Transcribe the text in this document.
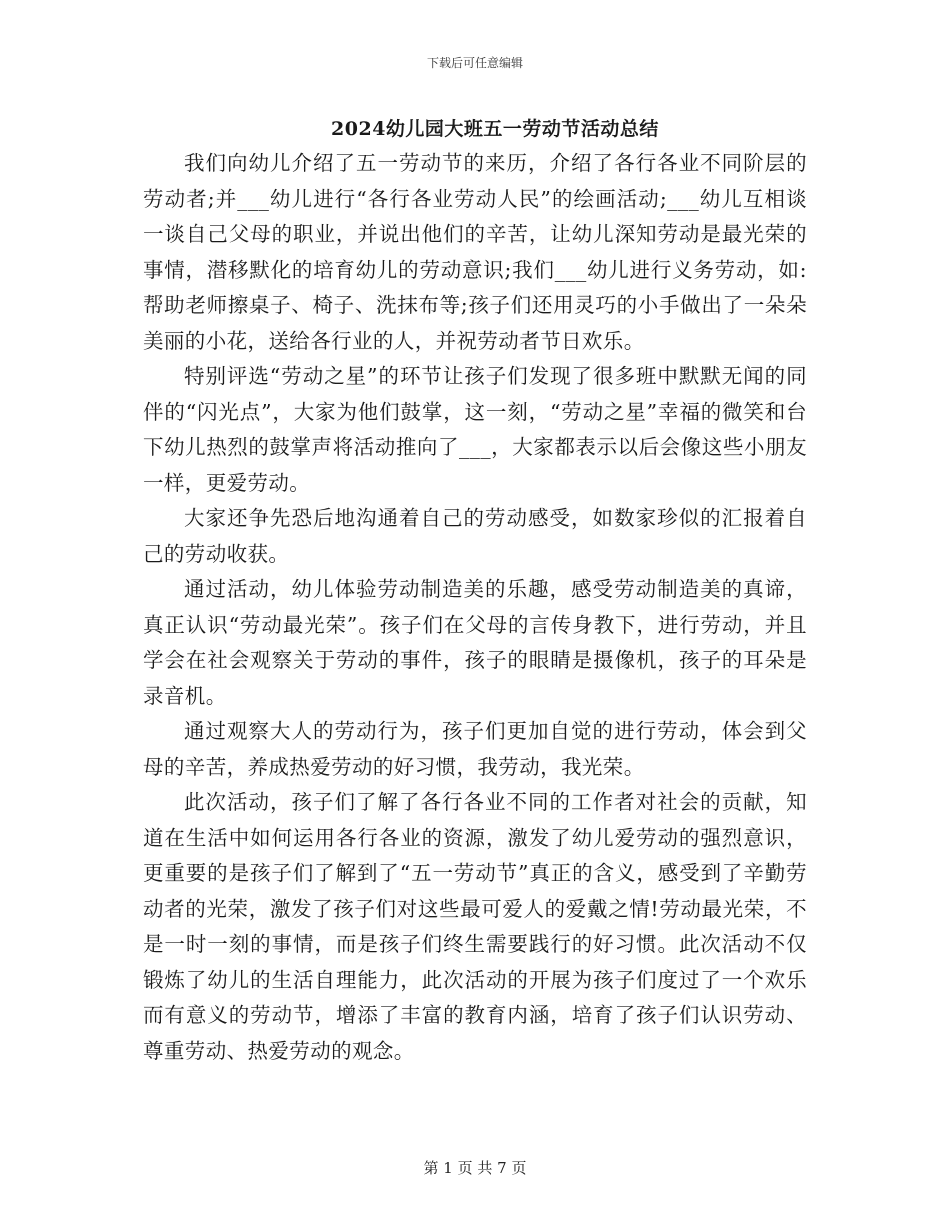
下载后可任意编辑
2024幼儿园大班五一劳动节活动总结

我们向幼儿介绍了五一劳动节的来历，介绍了各行各业不同阶层的劳动者;并___幼儿进行“各行各业劳动人民”的绘画活动;___幼儿互相谈一谈自己父母的职业，并说出他们的辛苦，让幼儿深知劳动是最光荣的事情，潜移默化的培育幼儿的劳动意识;我们___幼儿进行义务劳动，如:帮助老师擦桌子、椅子、洗抹布等;孩子们还用灵巧的小手做出了一朵朵美丽的小花，送给各行业的人，并祝劳动者节日欢乐。

特别评选“劳动之星”的环节让孩子们发现了很多班中默默无闻的同伴的“闪光点”，大家为他们鼓掌，这一刻，“劳动之星”幸福的微笑和台下幼儿热烈的鼓掌声将活动推向了___，大家都表示以后会像这些小朋友一样，更爱劳动。

大家还争先恐后地沟通着自己的劳动感受，如数家珍似的汇报着自己的劳动收获。

通过活动，幼儿体验劳动制造美的乐趣，感受劳动制造美的真谛，真正认识“劳动最光荣”。孩子们在父母的言传身教下，进行劳动，并且学会在社会观察关于劳动的事件，孩子的眼睛是摄像机，孩子的耳朵是录音机。

通过观察大人的劳动行为，孩子们更加自觉的进行劳动，体会到父母的辛苦，养成热爱劳动的好习惯，我劳动，我光荣。

此次活动，孩子们了解了各行各业不同的工作者对社会的贡献，知道在生活中如何运用各行各业的资源，激发了幼儿爱劳动的强烈意识，更重要的是孩子们了解到了“五一劳动节”真正的含义，感受到了辛勤劳动者的光荣，激发了孩子们对这些最可爱人的爱戴之情!劳动最光荣，不是一时一刻的事情，而是孩子们终生需要践行的好习惯。此次活动不仅锻炼了幼儿的生活自理能力，此次活动的开展为孩子们度过了一个欢乐而有意义的劳动节，增添了丰富的教育内涵，培育了孩子们认识劳动、尊重劳动、热爱劳动的观念。

第 1 页 共 7 页
